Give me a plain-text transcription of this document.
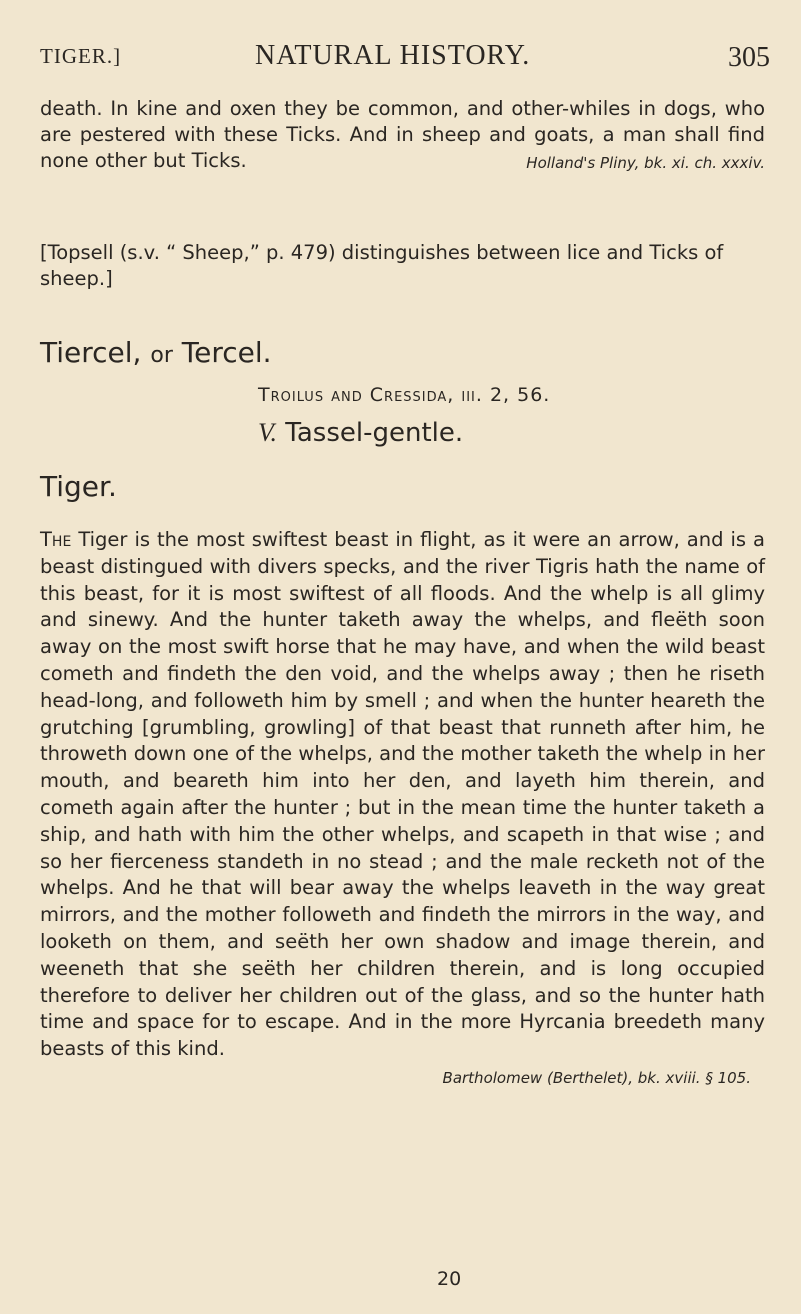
TIGER.]	NATURAL HISTORY.	305

death. In kine and oxen they be common, and other-whiles in dogs, who are pestered with these Ticks. And in sheep and goats, a man shall find none other but Ticks.	Holland's Pliny, bk. xi. ch. xxxiv.

[Topsell (s.v. “ Sheep,” p. 479) distinguishes between lice and Ticks of sheep.]
Tiercel, or Tercel.
Troilus and Cressida, iii. 2, 56.
V. Tassel-gentle.
Tiger.

The Tiger is the most swiftest beast in flight, as it were an arrow, and is a beast distingued with divers specks, and the river Tigris hath the name of this beast, for it is most swiftest of all floods. And the whelp is all glimy and sinewy. And the hunter taketh away the whelps, and fleëth soon away on the most swift horse that he may have, and when the wild beast cometh and findeth the den void, and the whelps away ; then he riseth head-long, and followeth him by smell ; and when the hunter heareth the grutching [grumbling, growling] of that beast that runneth after him, he throweth down one of the whelps, and the mother taketh the whelp in her mouth, and beareth him into her den, and layeth him therein, and cometh again after the hunter ; but in the mean time the hunter taketh a ship, and hath with him the other whelps, and scapeth in that wise ; and so her fierceness standeth in no stead ; and the male recketh not of the whelps. And he that will bear away the whelps leaveth in the way great mirrors, and the mother followeth and findeth the mirrors in the way, and looketh on them, and seëth her own shadow and image therein, and weeneth that she seëth her children therein, and is long occupied therefore to deliver her children out of the glass, and so the hunter hath time and space for to escape. And in the more Hyrcania breedeth many beasts of this kind.

Bartholomew (Berthelet), bk. xviii. § 105.

20
